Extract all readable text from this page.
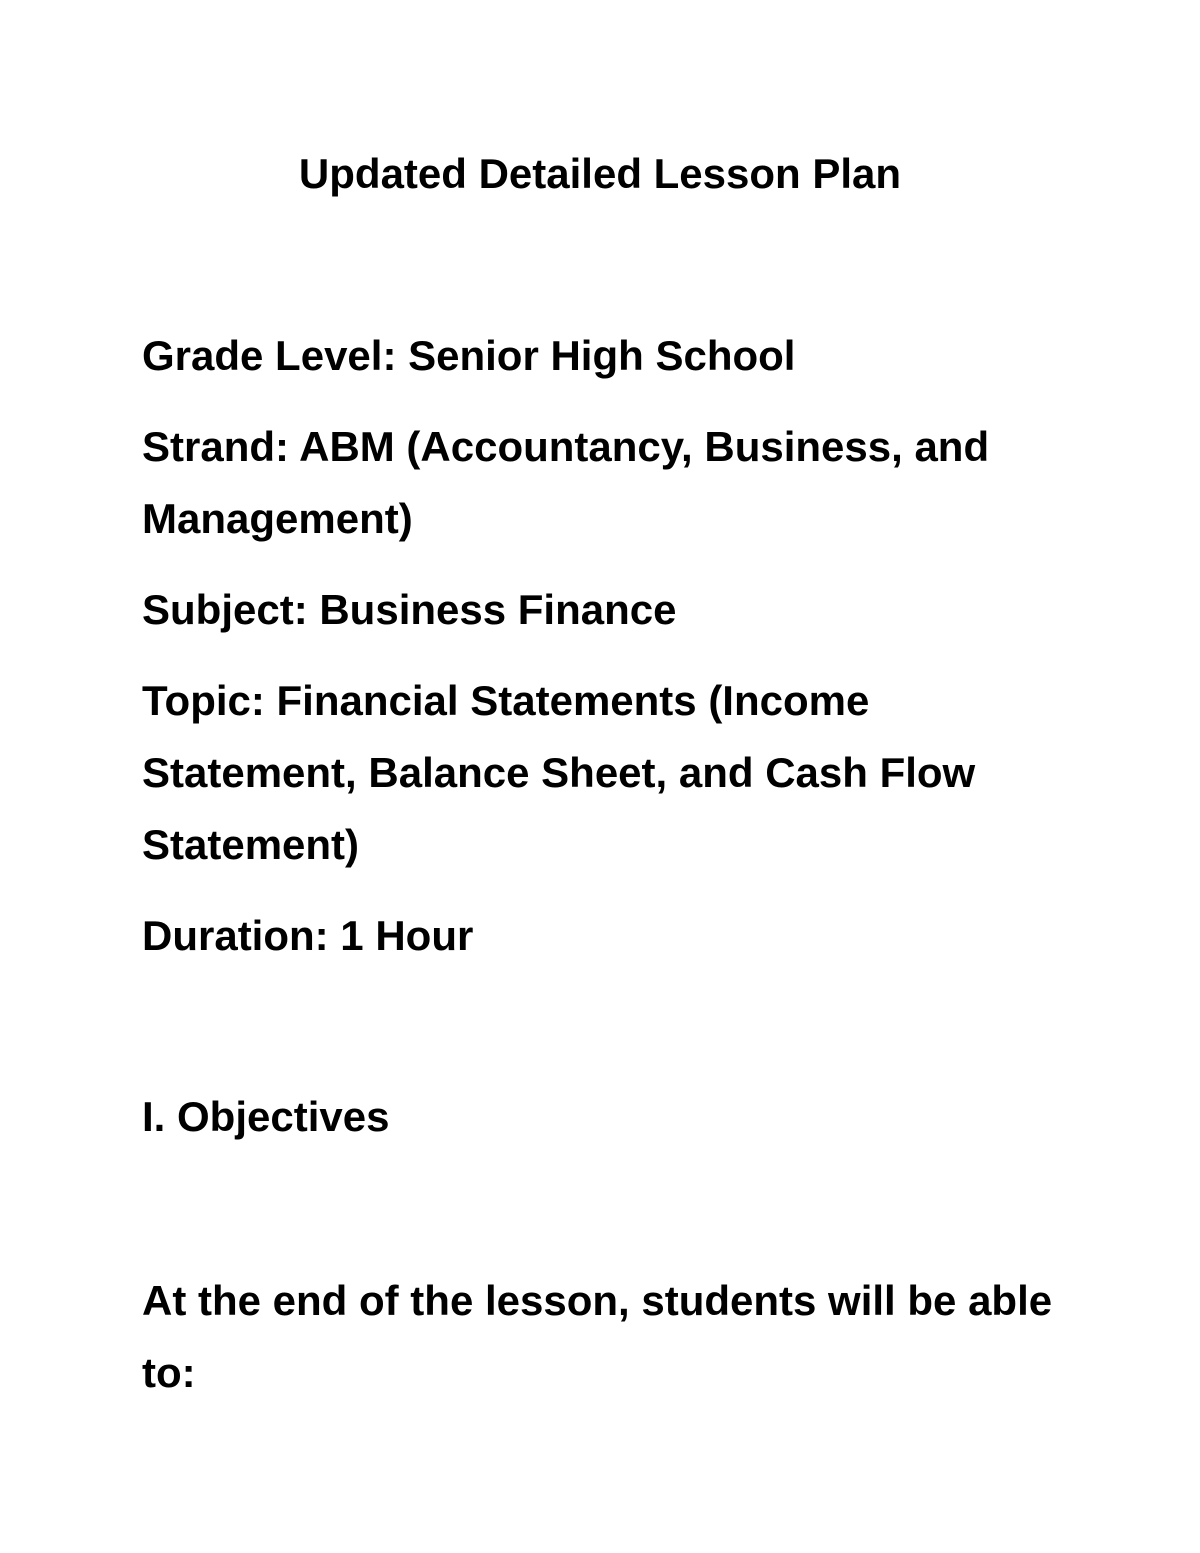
Updated Detailed Lesson Plan

Grade Level: Senior High School

Strand: ABM (Accountancy, Business, and Management)

Subject: Business Finance

Topic: Financial Statements (Income Statement, Balance Sheet, and Cash Flow Statement)

Duration: 1 Hour

I. Objectives

At the end of the lesson, students will be able to:
